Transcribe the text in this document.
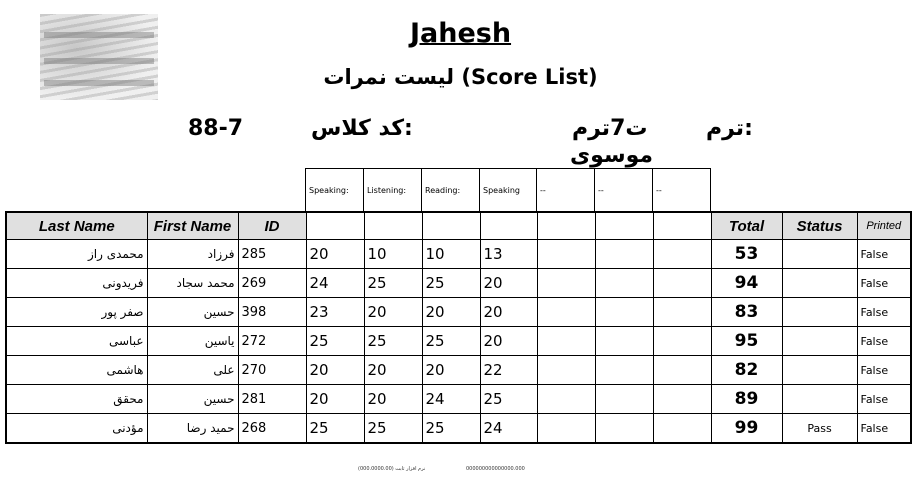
Jahesh
لیست نمرات (Score List)
ترم:
ت7ترم
موسوی
کد کلاس:
88-7
Speaking:	Listening:	Reading:	Speaking	--	--	--
Last Name	First Name	ID								Total	Status	Printed
محمدی راز	فرزاد	285	20	10	10	13				53		False
فریدونی	محمد سجاد	269	24	25	25	20				94		False
صفر پور	حسین	398	23	20	20	20				83		False
عباسی	یاسین	272	25	25	25	20				95		False
هاشمی	علی	270	20	20	20	22				82		False
محقق	حسین	281	20	20	24	25				89		False
مؤدنی	حمید رضا	268	25	25	25	24				99	Pass	False
نرم افزار ثابت (000.0000.00)	000000000000000.000
